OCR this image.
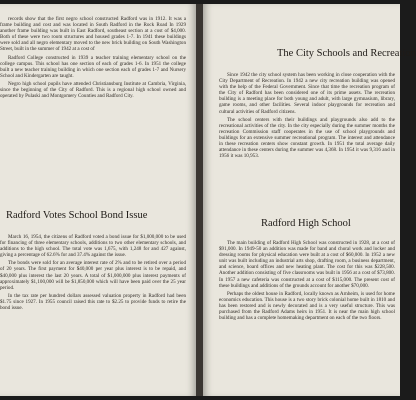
records show that the first negro school constructed Radford was in 1912. It was a frame building and cost and was located in South Radford in the Rock Road In 1929 another frame building was built in East Radford, southeast section at a cost of $4,000. Both of these were two room structures and housed grades 1-7. In 1941 these buildings were sold and all negro elementary moved to the new brick building on South Washington Street, built in the summer of 1942 at a cost of

Radford College constructed in 1939 a teacher training elementary school on the college campus. This school has one section of each of grades 1-6. In 1951 the college built a new teacher training building in which one section each of grades 1-7 and Nursery School and Kindergarten are taught.

Negro high school pupils have attended Christiansburg Institute at Cambria, Virginia, since the beginning of the City of Radford. This is a regional high school owned and operated by Pulaski and Montgomery Counties and Radford City.

Radford Votes School Bond Issue

March 16, 1954, the citizens of Radford voted a bond issue for $1,000,000 to be used for financing of three elementary schools, additions to two other elementary schools, and additions to the high school. The total vote was 1,675, with 1,248 for and 427 against, giving a percentage of 62.6% for and 37.4% against the issue.

The bonds were sold for an average interest rate of 2% and to be retired over a period of 20 years. The first payment for $40,000 per year plus interest is to be repaid, and $40,000 plus interest the last 20 years. A total of $1,000,000 plus interest payments of approximately $1,100,000 will be $1,850,000 which will have been paid over the 25 year period.

In the tax rate per hundred dollars assessed valuation property in Radford had been $1.75 since 1927. In 1955 council raised this rate to $2.25 to provide funds to retire the bond issue.

The City Schools and Recreation

Since 1942 the city school system has been working in close cooperation with the City Department of Recreation. In 1942 a new city recreation building was opened with the help of the Federal Government. Since that time the recreation program of the City of Radford has been considered one of its prime assets. The recreation building is a meeting place for both young and adult, with large gymnasium, library, game rooms, and other facilities. Several indoor playgrounds for recreation and cultural activities of Radford citizens.

The school centers with their buildings and playgrounds also add to the recreational activities of the city. In the city especially during the summer months the recreation Commission staff cooperates in the use of school playgrounds and buildings for an extensive summer recreational program. The interest and attendance in these recreation centers show constant growth. In 1951 the total average daily attendance in these centers during the summer was 4,368. In 1954 it was 9,316 and in 1956 it was 10,953.

Radford High School

The main building of Radford High School was constructed in 1928, at a cost of $91,000. In 1949-50 an addition was made for band and choral work and locker and dressing rooms for physical education were built at a cost of $60,000. In 1952 a new unit was built including an industrial arts shop, drafting room, a business department, and science, board offices and new heating plant. The cost for this was $228,500. Another addition consisting of five classrooms was built in 1956 at a cost of $73,800. In 1957 a new cafeteria was constructed at a cost of $115,000. The present cost of these buildings and additions of the grounds account for another $70,000.

Perhaps the oldest house in Radford, locally known as Arnheim, is used for home economics education. This house is a two story brick colonial home built in 1810 and has been restored and is newly decorated and is a very useful structure. This was purchased from the Radford Adams heirs in 1951. It is near the main high school building and has a complete homemaking department on each of the two floors.
